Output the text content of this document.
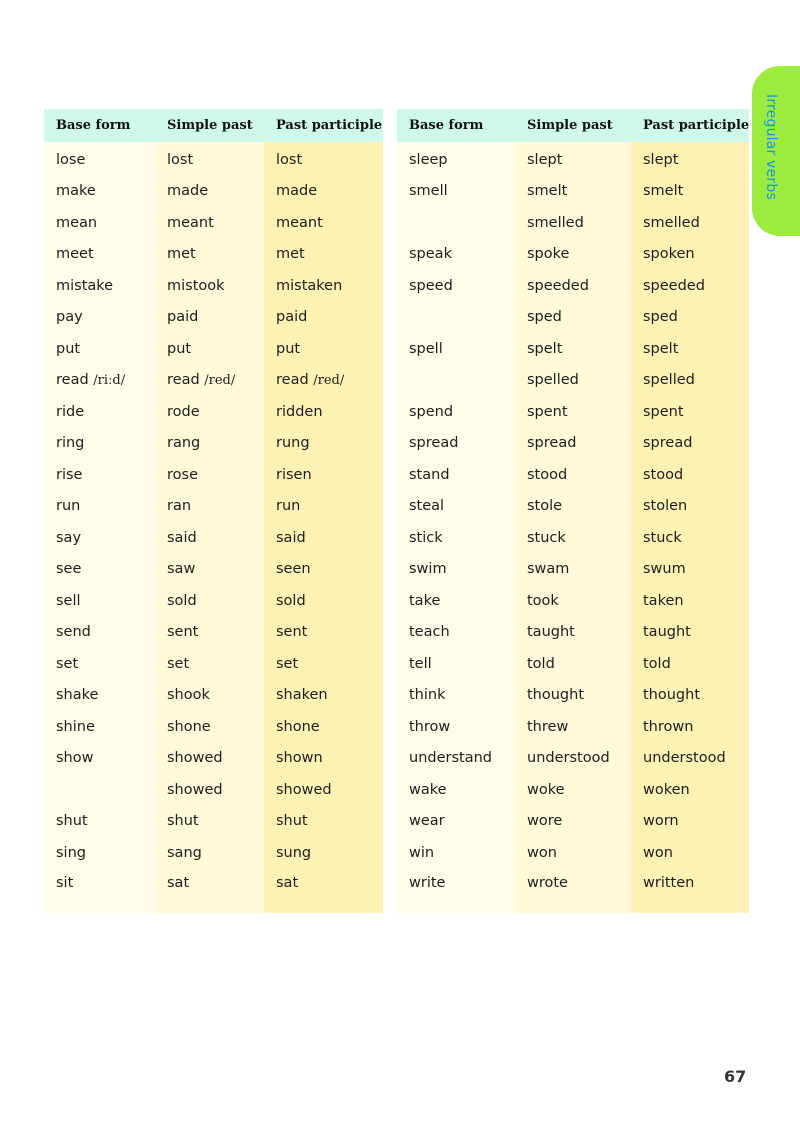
Irregular verbs
Base form	Simple past	Past participle
lose	lost	lost
make	made	made
mean	meant	meant
meet	met	met
mistake	mistook	mistaken
pay	paid	paid
put	put	put
read /riːd/	read /red/	read /red/
ride	rode	ridden
ring	rang	rung
rise	rose	risen
run	ran	run
say	said	said
see	saw	seen
sell	sold	sold
send	sent	sent
set	set	set
shake	shook	shaken
shine	shone	shone
show	showed	shown
	showed	showed
shut	shut	shut
sing	sang	sung
sit	sat	sat
Base form	Simple past	Past participle
sleep	slept	slept
smell	smelt	smelt
	smelled	smelled
speak	spoke	spoken
speed	speeded	speeded
	sped	sped
spell	spelt	spelt
	spelled	spelled
spend	spent	spent
spread	spread	spread
stand	stood	stood
steal	stole	stolen
stick	stuck	stuck
swim	swam	swum
take	took	taken
teach	taught	taught
tell	told	told
think	thought	thought
throw	threw	thrown
understand	understood	understood
wake	woke	woken
wear	wore	worn
win	won	won
write	wrote	written
67
